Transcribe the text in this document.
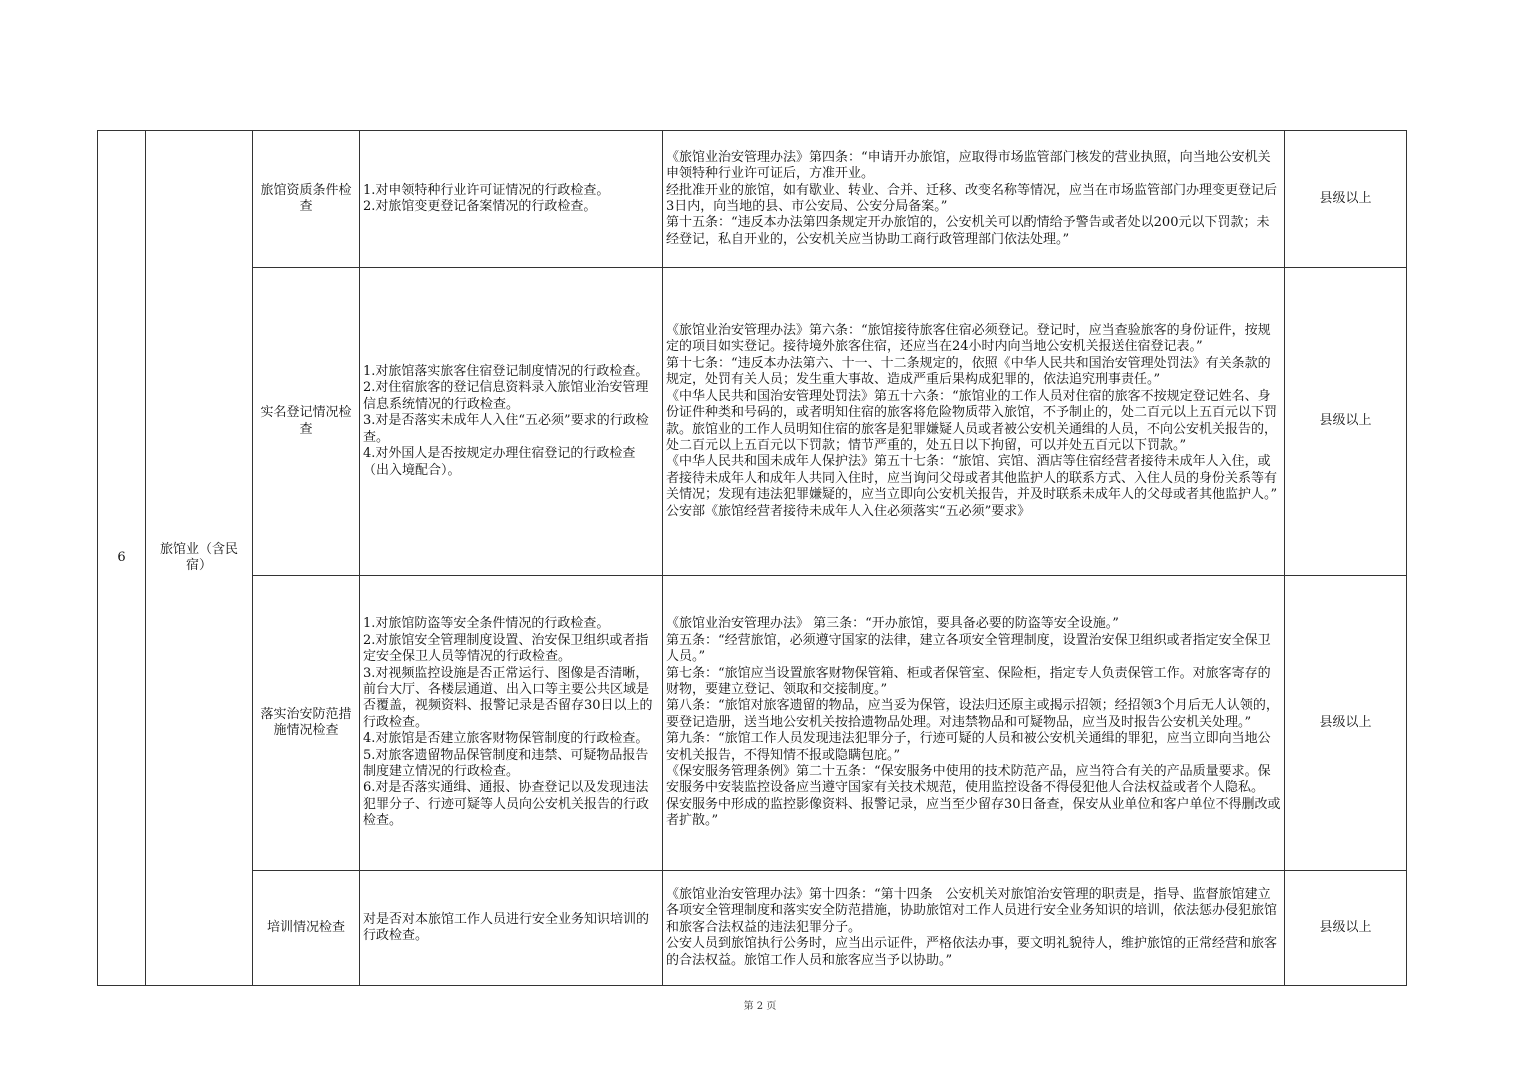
6
旅馆业（含民
宿）
旅馆资质条件检
查
1.对申领特种行业许可证情况的行政检查。
2.对旅馆变更登记备案情况的行政检查。
《旅馆业治安管理办法》第四条：“申请开办旅馆，应取得市场监管部门核发的营业执照，向当地公安机关申领特种行业许可证后，方准开业。
经批准开业的旅馆，如有歇业、转业、合并、迁移、改变名称等情况，应当在市场监管部门办理变更登记后3日内，向当地的县、市公安局、公安分局备案。”
第十五条：“违反本办法第四条规定开办旅馆的，公安机关可以酌情给予警告或者处以200元以下罚款；未经登记，私自开业的，公安机关应当协助工商行政管理部门依法处理。”
县级以上
实名登记情况检
查
1.对旅馆落实旅客住宿登记制度情况的行政检查。
2.对住宿旅客的登记信息资料录入旅馆业治安管理信息系统情况的行政检查。
3.对是否落实未成年人入住“五必须”要求的行政检查。
4.对外国人是否按规定办理住宿登记的行政检查（出入境配合）。
《旅馆业治安管理办法》第六条：“旅馆接待旅客住宿必须登记。登记时，应当查验旅客的身份证件，按规定的项目如实登记。接待境外旅客住宿，还应当在24小时内向当地公安机关报送住宿登记表。”
第十七条：“违反本办法第六、十一、十二条规定的，依照《中华人民共和国治安管理处罚法》有关条款的规定，处罚有关人员；发生重大事故、造成严重后果构成犯罪的，依法追究刑事责任。”
《中华人民共和国治安管理处罚法》第五十六条：“旅馆业的工作人员对住宿的旅客不按规定登记姓名、身份证件种类和号码的，或者明知住宿的旅客将危险物质带入旅馆，不予制止的，处二百元以上五百元以下罚款。旅馆业的工作人员明知住宿的旅客是犯罪嫌疑人员或者被公安机关通缉的人员，不向公安机关报告的，处二百元以上五百元以下罚款；情节严重的，处五日以下拘留，可以并处五百元以下罚款。”
《中华人民共和国未成年人保护法》第五十七条：“旅馆、宾馆、酒店等住宿经营者接待未成年人入住，或者接待未成年人和成年人共同入住时，应当询问父母或者其他监护人的联系方式、入住人员的身份关系等有关情况；发现有违法犯罪嫌疑的，应当立即向公安机关报告，并及时联系未成年人的父母或者其他监护人。”
公安部《旅馆经营者接待未成年人入住必须落实“五必须”要求》
县级以上
落实治安防范措
施情况检查
1.对旅馆防盗等安全条件情况的行政检查。
2.对旅馆安全管理制度设置、治安保卫组织或者指定安全保卫人员等情况的行政检查。
3.对视频监控设施是否正常运行、图像是否清晰，前台大厅、各楼层通道、出入口等主要公共区域是否覆盖，视频资料、报警记录是否留存30日以上的行政检查。
4.对旅馆是否建立旅客财物保管制度的行政检查。
5.对旅客遗留物品保管制度和违禁、可疑物品报告制度建立情况的行政检查。
6.对是否落实通缉、通报、协查登记以及发现违法犯罪分子、行迹可疑等人员向公安机关报告的行政检查。
《旅馆业治安管理办法》 第三条：“开办旅馆，要具备必要的防盗等安全设施。”
第五条：“经营旅馆，必须遵守国家的法律，建立各项安全管理制度，设置治安保卫组织或者指定安全保卫人员。”
第七条：“旅馆应当设置旅客财物保管箱、柜或者保管室、保险柜，指定专人负责保管工作。对旅客寄存的财物，要建立登记、领取和交接制度。”
第八条：“旅馆对旅客遗留的物品，应当妥为保管，设法归还原主或揭示招领；经招领3个月后无人认领的，要登记造册，送当地公安机关按拾遗物品处理。对违禁物品和可疑物品，应当及时报告公安机关处理。”
第九条：“旅馆工作人员发现违法犯罪分子，行迹可疑的人员和被公安机关通缉的罪犯，应当立即向当地公安机关报告，不得知情不报或隐瞒包庇。”
《保安服务管理条例》第二十五条：“保安服务中使用的技术防范产品，应当符合有关的产品质量要求。保安服务中安装监控设备应当遵守国家有关技术规范，使用监控设备不得侵犯他人合法权益或者个人隐私。
保安服务中形成的监控影像资料、报警记录，应当至少留存30日备查，保安从业单位和客户单位不得删改或者扩散。”
县级以上
培训情况检查
对是否对本旅馆工作人员进行安全业务知识培训的行政检查。
《旅馆业治安管理办法》第十四条：“第十四条　公安机关对旅馆治安管理的职责是，指导、监督旅馆建立各项安全管理制度和落实安全防范措施，协助旅馆对工作人员进行安全业务知识的培训，依法惩办侵犯旅馆和旅客合法权益的违法犯罪分子。
公安人员到旅馆执行公务时，应当出示证件，严格依法办事，要文明礼貌待人，维护旅馆的正常经营和旅客的合法权益。旅馆工作人员和旅客应当予以协助。”
县级以上
第 2 页
